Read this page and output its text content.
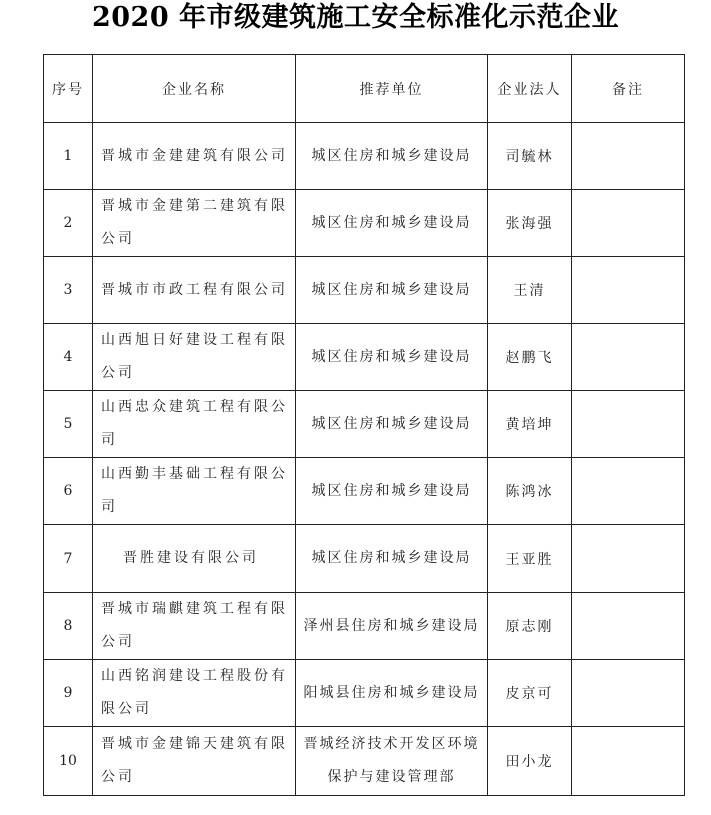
2020 年市级建筑施工安全标准化示范企业
序号	企业名称	推荐单位	企业法人	备注
1	晋城市金建建筑有限公司	城区住房和城乡建设局	司毓林	
2	晋城市金建第二建筑有限公司	城区住房和城乡建设局	张海强	
3	晋城市市政工程有限公司	城区住房和城乡建设局	王清	
4	山西旭日好建设工程有限公司	城区住房和城乡建设局	赵鹏飞	
5	山西忠众建筑工程有限公司	城区住房和城乡建设局	黄培坤	
6	山西勤丰基础工程有限公司	城区住房和城乡建设局	陈鸿冰	
7	晋胜建设有限公司	城区住房和城乡建设局	王亚胜	
8	晋城市瑞麒建筑工程有限公司	泽州县住房和城乡建设局	原志刚	
9	山西铭润建设工程股份有限公司	阳城县住房和城乡建设局	皮京可	
10	晋城市金建锦天建筑有限公司	晋城经济技术开发区环境保护与建设管理部	田小龙	
